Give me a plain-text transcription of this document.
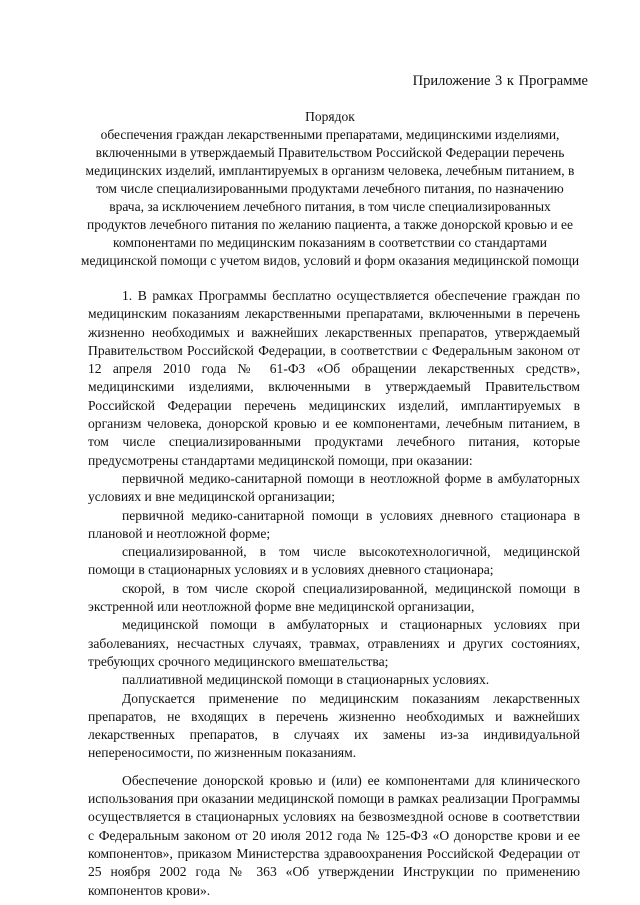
Приложение 3 к Программе
Порядок
обеспечения граждан лекарственными препаратами, медицинскими изделиями, включенными в утверждаемый Правительством Российской Федерации перечень медицинских изделий, имплантируемых в организм человека, лечебным питанием, в том числе специализированными продуктами лечебного питания, по назначению врача, за исключением лечебного питания, в том числе специализированных продуктов лечебного питания по желанию пациента, а также донорской кровью и ее компонентами по медицинским показаниям в соответствии со стандартами медицинской помощи с учетом видов, условий и форм оказания медицинской помощи

1. В рамках Программы бесплатно осуществляется обеспечение граждан по медицинским показаниям лекарственными препаратами, включенными в перечень жизненно необходимых и важнейших лекарственных препаратов, утверждаемый Правительством Российской Федерации, в соответствии с Федеральным законом от 12 апреля 2010 года № 61-ФЗ «Об обращении лекарственных средств», медицинскими изделиями, включенными в утверждаемый Правительством Российской Федерации перечень медицинских изделий, имплантируемых в организм человека, донорской кровью и ее компонентами, лечебным питанием, в том числе специализированными продуктами лечебного питания, которые предусмотрены стандартами медицинской помощи, при оказании:

первичной медико-санитарной помощи в неотложной форме в амбулаторных условиях и вне медицинской организации;

первичной медико-санитарной помощи в условиях дневного стационара в плановой и неотложной форме;

специализированной, в том числе высокотехнологичной, медицинской помощи в стационарных условиях и в условиях дневного стационара;

скорой, в том числе скорой специализированной, медицинской помощи в экстренной или неотложной форме вне медицинской организации,

медицинской помощи в амбулаторных и стационарных условиях при заболеваниях, несчастных случаях, травмах, отравлениях и других состояниях, требующих срочного медицинского вмешательства;

паллиативной медицинской помощи в стационарных условиях.

Допускается применение по медицинским показаниям лекарственных препаратов, не входящих в перечень жизненно необходимых и важнейших лекарственных препаратов, в случаях их замены из-за индивидуальной непереносимости, по жизненным показаниям.

Обеспечение донорской кровью и (или) ее компонентами для клинического использования при оказании медицинской помощи в рамках реализации Программы осуществляется в стационарных условиях на безвозмездной основе в соответствии с Федеральным законом от 20 июля 2012 года № 125-ФЗ «О донорстве крови и ее компонентов», приказом Министерства здравоохранения Российской Федерации от 25 ноября 2002 года № 363 «Об утверждении Инструкции по применению компонентов крови».
